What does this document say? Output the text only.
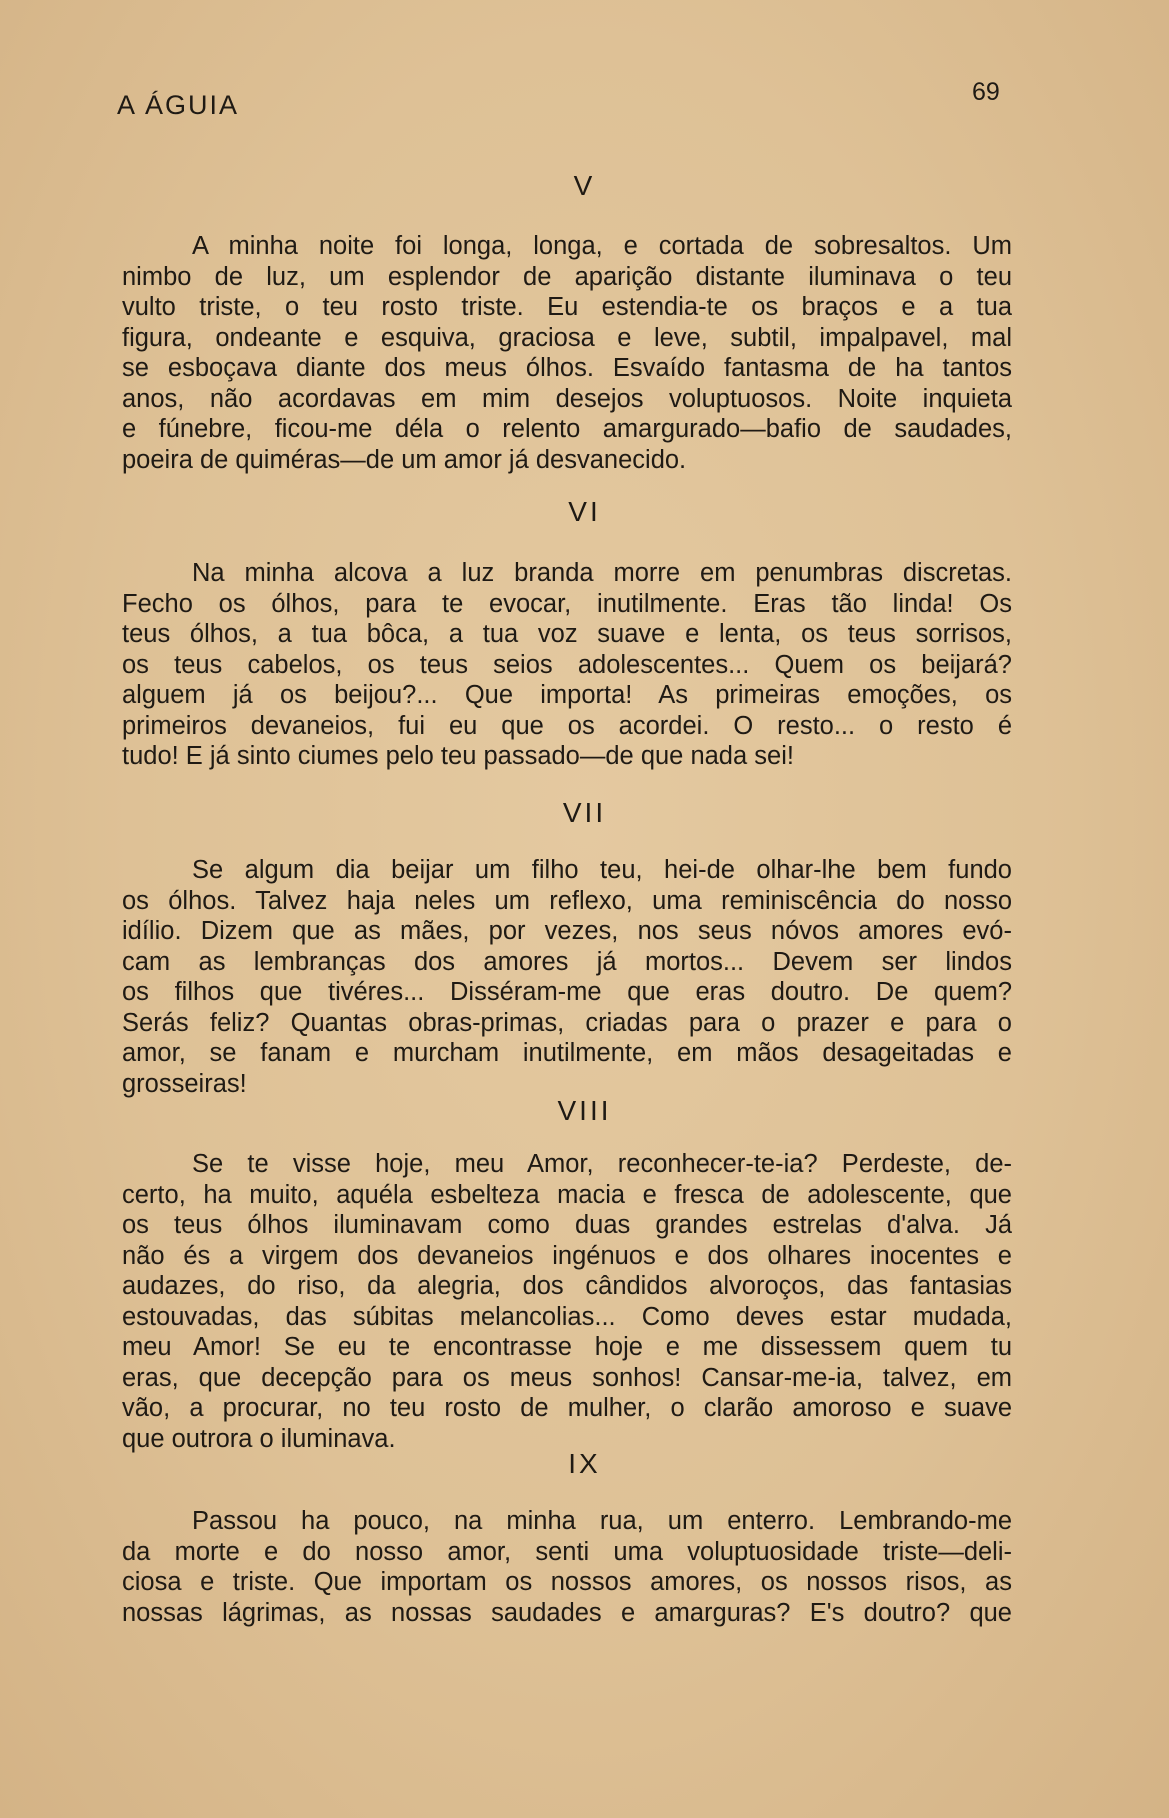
A ÁGUIA	69
V
A minha noite foi longa, longa, e cortada de sobresaltos. Um
nimbo de luz, um esplendor de aparição distante iluminava o teu
vulto triste, o teu rosto triste. Eu estendia-te os braços e a tua
figura, ondeante e esquiva, graciosa e leve, subtil, impalpavel, mal
se esboçava diante dos meus ólhos. Esvaído fantasma de ha tantos
anos, não acordavas em mim desejos voluptuosos. Noite inquieta
e fúnebre, ficou-me déla o relento amargurado—bafio de saudades,
poeira de quiméras—de um amor já desvanecido.
VI
Na minha alcova a luz branda morre em penumbras discretas.
Fecho os ólhos, para te evocar, inutilmente. Eras tão linda! Os
teus ólhos, a tua bôca, a tua voz suave e lenta, os teus sorrisos,
os teus cabelos, os teus seios adolescentes... Quem os beijará?
alguem já os beijou?... Que importa! As primeiras emoções, os
primeiros devaneios, fui eu que os acordei. O resto... o resto é
tudo! E já sinto ciumes pelo teu passado—de que nada sei!
VII
Se algum dia beijar um filho teu, hei-de olhar-lhe bem fundo
os ólhos. Talvez haja neles um reflexo, uma reminiscência do nosso
idílio. Dizem que as mães, por vezes, nos seus nóvos amores evó-
cam as lembranças dos amores já mortos... Devem ser lindos
os filhos que tivéres... Disséram-me que eras doutro. De quem?
Serás feliz? Quantas obras-primas, criadas para o prazer e para o
amor, se fanam e murcham inutilmente, em mãos desageitadas e
grosseiras!
VIII
Se te visse hoje, meu Amor, reconhecer-te-ia? Perdeste, de-
certo, ha muito, aquéla esbelteza macia e fresca de adolescente, que
os teus ólhos iluminavam como duas grandes estrelas d'alva. Já
não és a virgem dos devaneios ingénuos e dos olhares inocentes e
audazes, do riso, da alegria, dos cândidos alvoroços, das fantasias
estouvadas, das súbitas melancolias... Como deves estar mudada,
meu Amor! Se eu te encontrasse hoje e me dissessem quem tu
eras, que decepção para os meus sonhos! Cansar-me-ia, talvez, em
vão, a procurar, no teu rosto de mulher, o clarão amoroso e suave
que outrora o iluminava.
IX
Passou ha pouco, na minha rua, um enterro. Lembrando-me
da morte e do nosso amor, senti uma voluptuosidade triste—deli-
ciosa e triste. Que importam os nossos amores, os nossos risos, as
nossas lágrimas, as nossas saudades e amarguras? E's doutro? que
